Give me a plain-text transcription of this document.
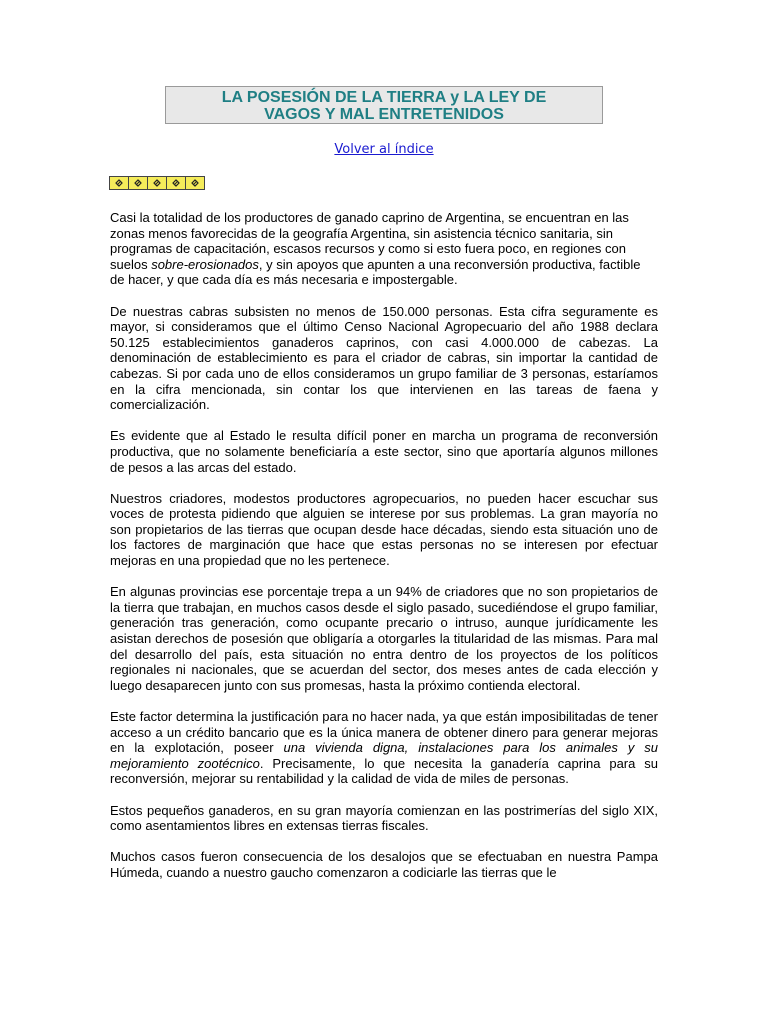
LA POSESIÓN DE LA TIERRA y LA LEY DE
VAGOS Y MAL ENTRETENIDOS
Volver al índice

Casi la totalidad de los productores de ganado caprino de Argentina, se encuentran en las zonas menos favorecidas de la geografía Argentina, sin asistencia técnico sanitaria, sin programas de capacitación, escasos recursos y como si esto fuera poco, en regiones con suelos sobre-erosionados, y sin apoyos que apunten a una reconversión productiva, factible de hacer, y que cada día es más necesaria e impostergable.

De nuestras cabras subsisten no menos de 150.000 personas. Esta cifra seguramente es mayor, si consideramos que el último Censo Nacional Agropecuario del año 1988 declara 50.125 establecimientos ganaderos caprinos, con casi 4.000.000 de cabezas. La denominación de establecimiento es para el criador de cabras, sin importar la cantidad de cabezas. Si por cada uno de ellos consideramos un grupo familiar de 3 personas, estaríamos en la cifra mencionada, sin contar los que intervienen en las tareas de faena y comercialización.

Es evidente que al Estado le resulta difícil poner en marcha un programa de reconversión productiva, que no solamente beneficiaría a este sector, sino que aportaría algunos millones de pesos a las arcas del estado.

Nuestros criadores, modestos productores agropecuarios, no pueden hacer escuchar sus voces de protesta pidiendo que alguien se interese por sus problemas. La gran mayoría no son propietarios de las tierras que ocupan desde hace décadas, siendo esta situación uno de los factores de marginación que hace que estas personas no se interesen por efectuar mejoras en una propiedad que no les pertenece.

En algunas provincias ese porcentaje trepa a un 94% de criadores que no son propietarios de la tierra que trabajan, en muchos casos desde el siglo pasado, sucediéndose el grupo familiar, generación tras generación, como ocupante precario o intruso, aunque jurídicamente les asistan derechos de posesión que obligaría a otorgarles la titularidad de las mismas. Para mal del desarrollo del país, esta situación no entra dentro de los proyectos de los políticos regionales ni nacionales, que se acuerdan del sector, dos meses antes de cada elección y luego desaparecen junto con sus promesas, hasta la próximo contienda electoral.

Este factor determina la justificación para no hacer nada, ya que están imposibilitadas de tener acceso a un crédito bancario que es la única manera de obtener dinero para generar mejoras en la explotación, poseer una vivienda digna, instalaciones para los animales y su mejoramiento zootécnico. Precisamente, lo que necesita la ganadería caprina para su reconversión, mejorar su rentabilidad y la calidad de vida de miles de personas.

Estos pequeños ganaderos, en su gran mayoría comienzan en las postrimerías del siglo XIX, como asentamientos libres en extensas tierras fiscales.

Muchos casos fueron consecuencia de los desalojos que se efectuaban en nuestra Pampa Húmeda, cuando a nuestro gaucho comenzaron a codiciarle las tierras que le
